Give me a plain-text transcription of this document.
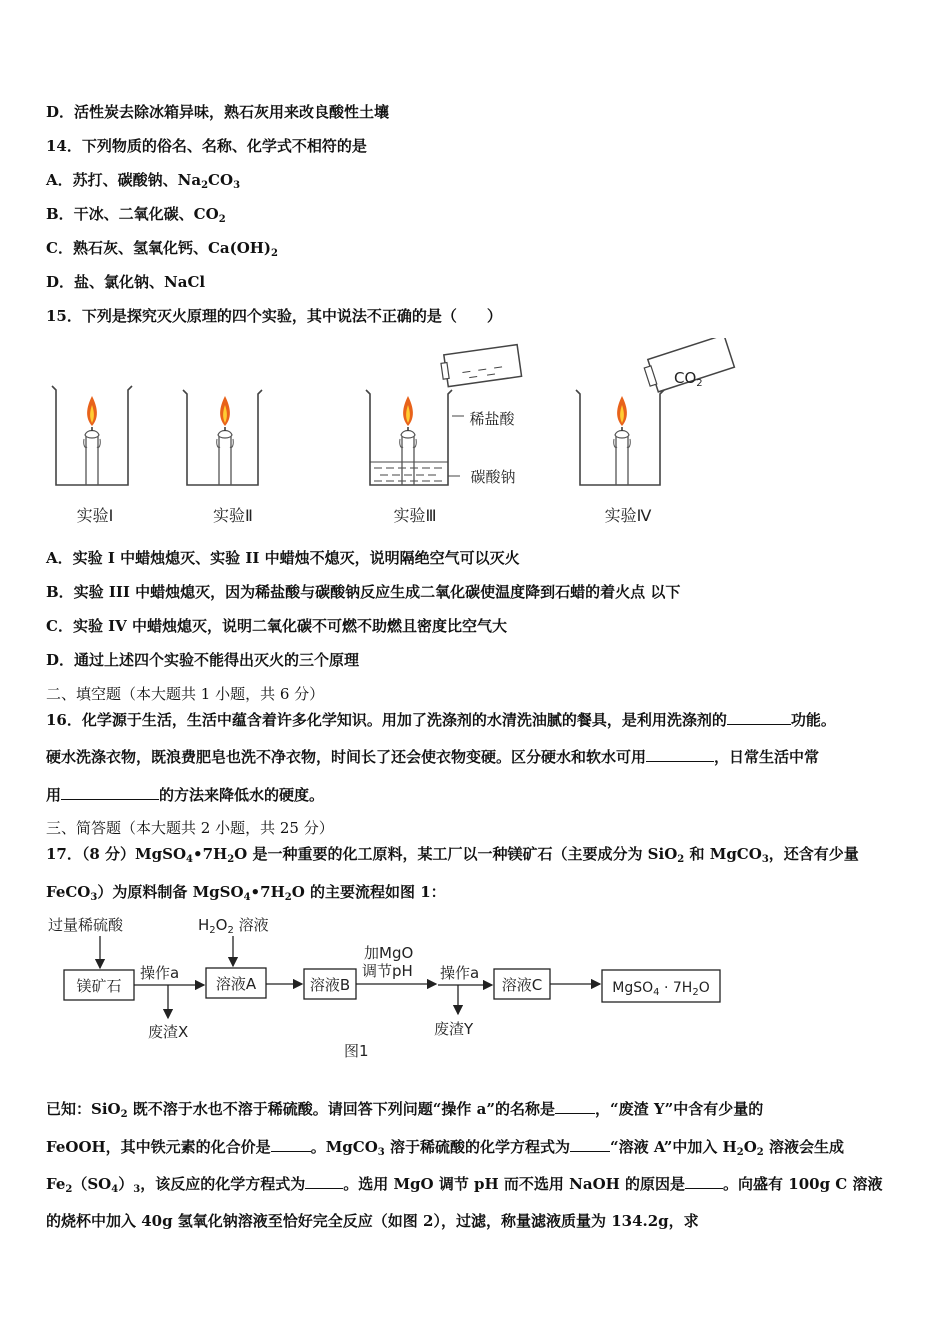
D．活性炭去除冰箱异味，熟石灰用来改良酸性土壤
14．下列物质的俗名、名称、化学式不相符的是
A．苏打、碳酸钠、$Na_2CO_3$
B．干冰、二氧化碳、$CO_2$
C．熟石灰、氢氧化钙、$Ca(OH)_2$
D．盐、氯化钠、NaCl
15．下列是探究灭火原理的四个实验，其中说法不正确的是（　　）
实验Ⅰ	实验Ⅱ
稀盐酸
碳酸钠
实验Ⅲ
$CO_2$
实验Ⅳ
A．实验 I 中蜡烛熄灭、实验 II 中蜡烛不熄灭，说明隔绝空气可以灭火
B．实验 III 中蜡烛熄灭，因为稀盐酸与碳酸钠反应生成二氧化碳使温度降到石蜡的着火点 以下
C．实验 IV 中蜡烛熄灭，说明二氧化碳不可燃不助燃且密度比空气大
D．通过上述四个实验不能得出灭火的三个原理
二、填空题（本大题共 1 小题，共 6 分）
16．化学源于生活，生活中蕴含着许多化学知识。用加了洗涤剂的水清洗油腻的餐具，是利用洗涤剂的	功能。
硬水洗涤衣物，既浪费肥皂也洗不净衣物，时间长了还会使衣物变硬。区分硬水和软水可用	，日常生活中常
用	的方法来降低水的硬度。
三、简答题（本大题共 2 小题，共 25 分）
17．（8 分）$MgSO_4•7H_2O$ 是一种重要的化工原料，某工厂以一种镁矿石（主要成分为 SiO$_2$ 和 MgCO$_3$，还含有少量
FeCO$_3$）为原料制备 $MgSO_4•7H_2O$ 的主要流程如图 1：
过量稀硫酸	$H_2O_2$ 溶液
镁矿石
操作a
废渣X
溶液A	溶液B
加MgO
调节pH 操作a
废渣Y
溶液C	MgSO$_4$ · $7H_2O$
图1
已知：SiO$_2$ 既不溶于水也不溶于稀硫酸。请回答下列问题“操作 a”的名称是	，“废渣 Y”中含有少量的
FeOOH，其中铁元素的化合价是	。MgCO$_3$ 溶于稀硫酸的化学方程式为	“溶液 A”中加入 $H_2O_2$ 溶液会生成
$Fe_2(SO_4)_3$，该反应的化学方程式为	。选用 MgO 调节 pH 而不选用 NaOH 的原因是	。向盛有 100g C 溶液
的烧杯中加入 40g 氢氧化钠溶液至恰好完全反应（如图 2），过滤，称量滤液质量为 134.2g，求
